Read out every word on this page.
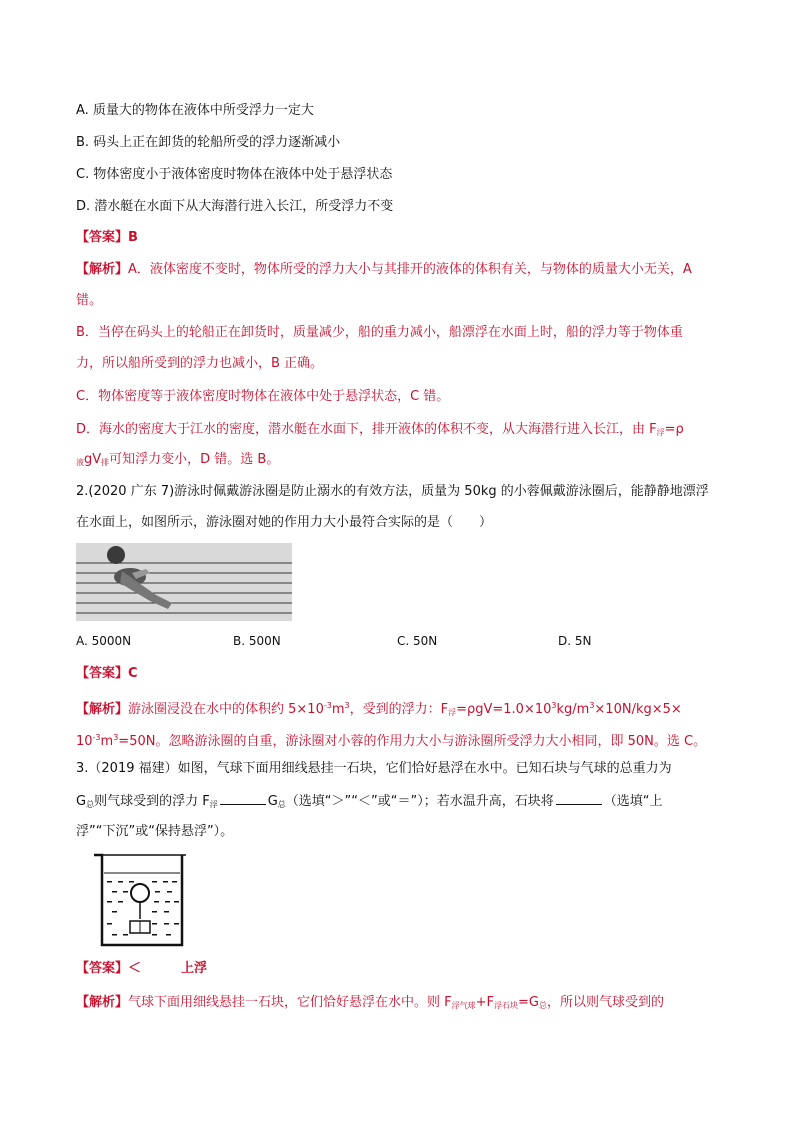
A. 质量大的物体在液体中所受浮力一定大
B. 码头上正在卸货的轮船所受的浮力逐渐减小
C. 物体密度小于液体密度时物体在液体中处于悬浮状态
D. 潜水艇在水面下从大海潜行进入长江，所受浮力不变
【答案】B
【解析】A．液体密度不变时，物体所受的浮力大小与其排开的液体的体积有关，与物体的质量大小无关，A
错。
B．当停在码头上的轮船正在卸货时，质量减少，船的重力减小，船漂浮在水面上时，船的浮力等于物体重
力，所以船所受到的浮力也减小，B 正确。
C．物体密度等于液体密度时物体在液体中处于悬浮状态，C 错。
D．海水的密度大于江水的密度，潜水艇在水面下，排开液体的体积不变，从大海潜行进入长江，由 $F_浮=\rho$
$_液gV_排$可知浮力变小，D 错。选 B。
2.(2020 广东 7)游泳时佩戴游泳圈是防止溺水的有效方法，质量为 50kg 的小蓉佩戴游泳圈后，能静静地漂浮
在水面上，如图所示，游泳圈对她的作用力大小最符合实际的是（　　）
A. 5000N	B. 500N	C. 50N	D. 5N
【答案】C
【解析】游泳圈浸没在水中的体积约 $5\times 10^{-3}m^3$，受到的浮力：$F_浮=\rho gV=1.0\times 10^3kg/m^3\times 10N/kg\times 5\times$
$10^{-3}m^3=50N$。忽略游泳圈的自重，游泳圈对小蓉的作用力大小与游泳圈所受浮力大小相同，即 50N。选 C。
3.（2019 福建）如图，气球下面用细线悬挂一石块，它们恰好悬浮在水中。已知石块与气球的总重力为
$G_总$则气球受到的浮力 $F_浮$	$G_总$（选填“＞”“＜”或“＝”）；若水温升高，石块将	（选填“上
浮”“下沉”或“保持悬浮”）。
【答案】＜	上浮
【解析】气球下面用细线悬挂一石块，它们恰好悬浮在水中。则 $F_{浮气球}+F_{浮石块}=G_总$，所以则气球受到的
